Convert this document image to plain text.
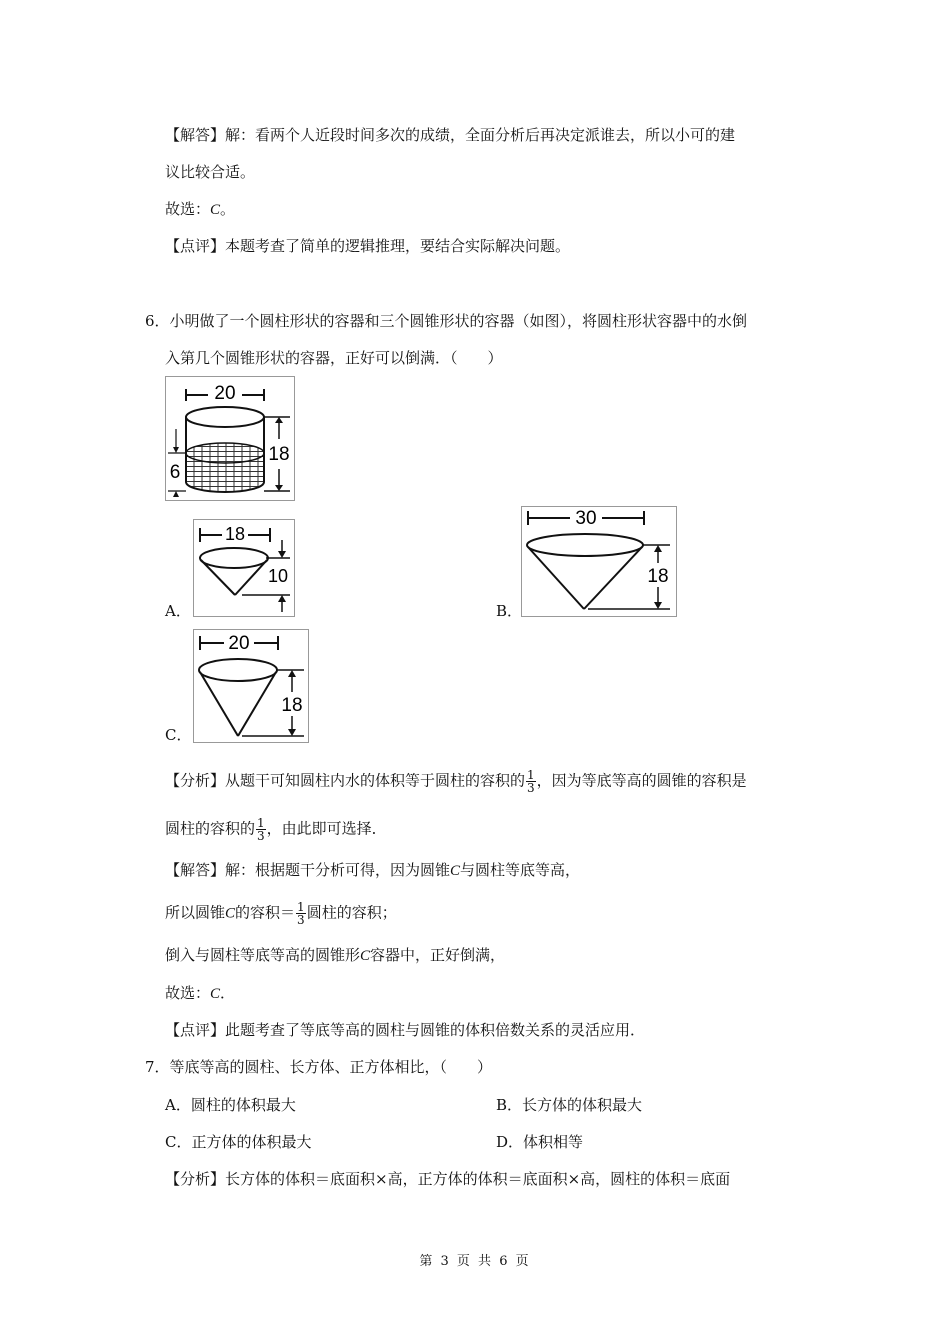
【解答】解：看两个人近段时间多次的成绩，全面分析后再决定派谁去，所以小可的建
议比较合适。
故选：C。
【点评】本题考查了简单的逻辑推理，要结合实际解决问题。
6．小明做了一个圆柱形状的容器和三个圆锥形状的容器（如图），将圆柱形状容器中的水倒
入第几个圆锥形状的容器，正好可以倒满．（　　）
20
18
6
18
10
A．
30
18
B．
20
18
C．
【分析】从题干可知圆柱内水的体积等于圆柱的容积的 $\frac{1}{3}$ ，因为等底等高的圆锥的容积是
圆柱的容积的 $\frac{1}{3}$ ，由此即可选择．
【解答】解：根据题干分析可得，因为圆锥C与圆柱等底等高，
所以圆锥C的容积＝ $\frac{1}{3}$ 圆柱的容积；
倒入与圆柱等底等高的圆锥形C容器中，正好倒满，
故选：C．
【点评】此题考查了等底等高的圆柱与圆锥的体积倍数关系的灵活应用．
7．等底等高的圆柱、长方体、正方体相比，（　　）
A．圆柱的体积最大	B．长方体的体积最大
C．正方体的体积最大	D．体积相等
【分析】长方体的体积＝底面积×高，正方体的体积＝底面积×高，圆柱的体积＝底面
第 3 页 共 6 页
